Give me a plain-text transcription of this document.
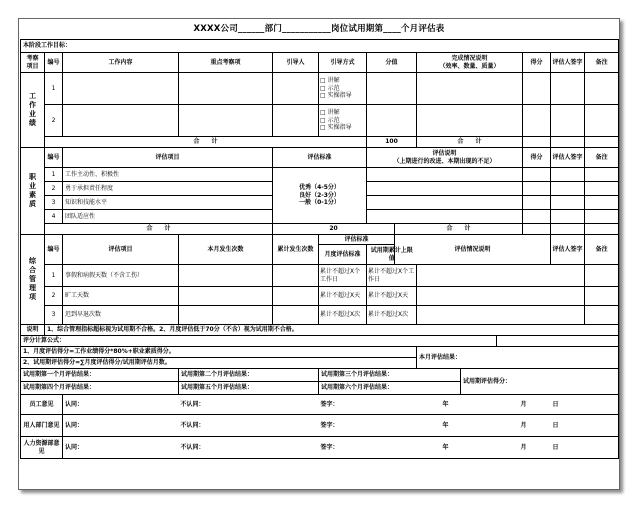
XXXX公司______部门___________岗位试用期第____个月评估表
本阶段工作目标：														
考察项目	编号	工作内容	重点考察项	引导人	引导方式	分值		完成情况说明
（效率、数量、质量）			得分	评估人签字	备注	
工作业绩	1				□ 讲解
□ 示范
□ 实操指导									

	2				□ 讲解
□ 示范
□ 实操指导									

	合　　计					100		合　　计						
职业素质	编号	评估项目		评估标准		评估说明
（上期进行的改进、本期出现的不足）					得分	评估人签字	备注	
	1	工作主动性、积极性		优秀（4-5分）
良好（2-3分）
一般（0-1分）										

	2	勇于承担责任程度												
	3	知识和技能水平												
	4	团队适应性												
	合　　计			20			合　　计							
综合管理项	编号	评估项目	本月发生次数	累计发生次数	评估标准		评估情况说明					评估人签字	备注	
					月度评估标准	试用期累计上限值								
	1	事假和病假天数（不含工伤）			累计不超过X个工作日	累计不超过X个工作日								
	2	旷工天数			累计不超过X天	累计不超过X天								
	3	迟到早退次数			累计不超过X次	累计不超过X次								
说明	1、综合管理指标超标视为试用期不合格。2、月度评估低于70分（不含）视为试用期不合格。													
评分计算公式：														
1、月度评估得分=工作业绩得分*80%+职业素质得分。								本月评估结果：						
2、试用期评估得分=∑月度评估得分/试用期评估月数。														
试用期第一个月评估结果：			试用期第二个月评估结果：		试用期第三个月评估结果：				试用期评估得分：					
试用期第四个月评估结果：			试用期第五个月评估结果：		试用期第六个月评估结果：									
员工意见		认同：	不认同：		签字：		年			月		日		
用人部门意见		认同：	不认同：		签字：		年			月		日		
人力资源部意见		认同：	不认同：		签字：		年			月		日		
